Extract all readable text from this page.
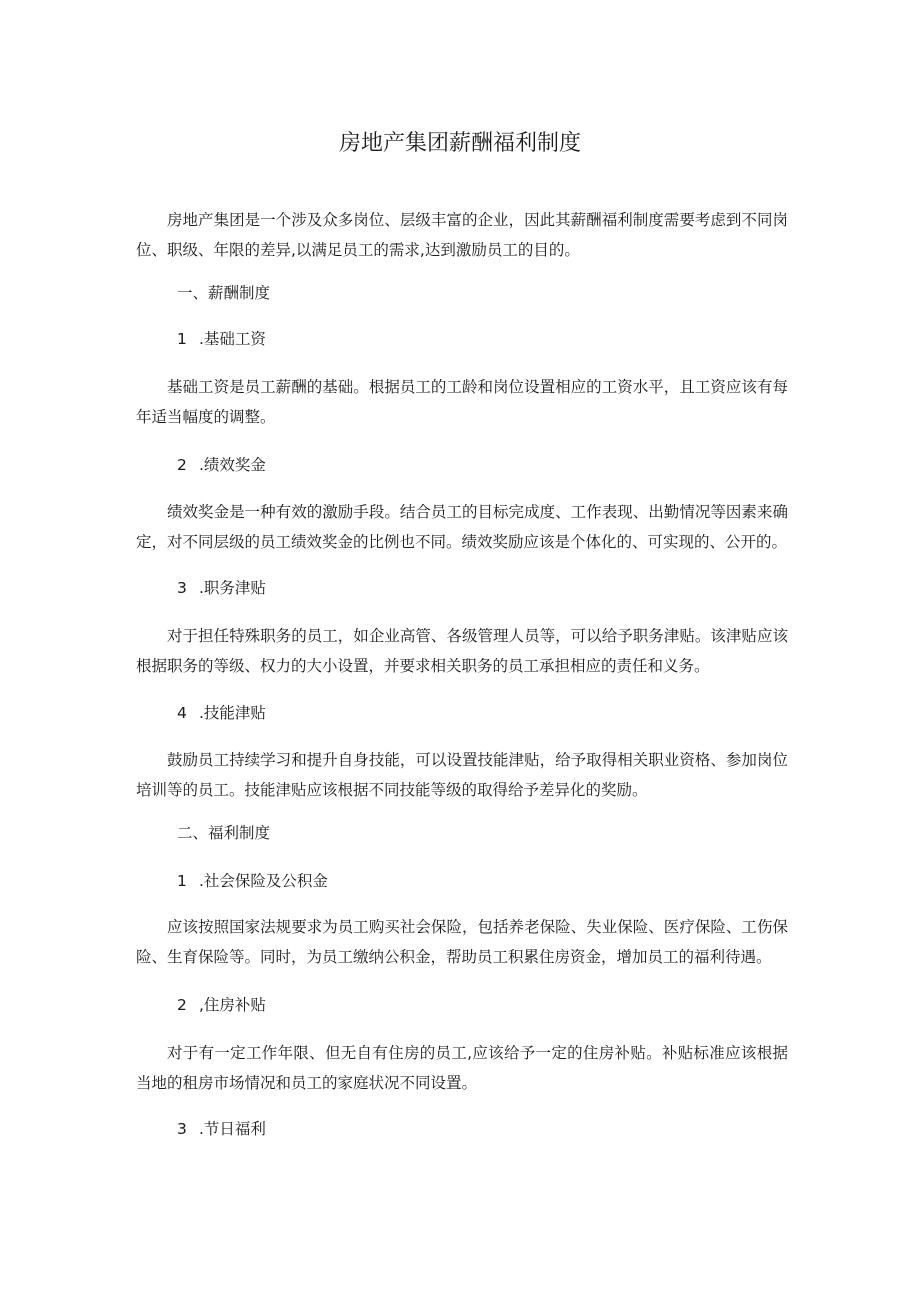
房地产集团薪酬福利制度

房地产集团是一个涉及众多岗位、层级丰富的企业，因此其薪酬福利制度需要考虑到不同岗位、职级、年限的差异,以满足员工的需求,达到激励员工的目的。

一、薪酬制度

1 .基础工资

基础工资是员工薪酬的基础。根据员工的工龄和岗位设置相应的工资水平，且工资应该有每年适当幅度的调整。

2 .绩效奖金

绩效奖金是一种有效的激励手段。结合员工的目标完成度、工作表现、出勤情况等因素来确定，对不同层级的员工绩效奖金的比例也不同。绩效奖励应该是个体化的、可实现的、公开的。

3 .职务津贴

对于担任特殊职务的员工，如企业高管、各级管理人员等，可以给予职务津贴。该津贴应该根据职务的等级、权力的大小设置，并要求相关职务的员工承担相应的责任和义务。

4 .技能津贴

鼓励员工持续学习和提升自身技能，可以设置技能津贴，给予取得相关职业资格、参加岗位培训等的员工。技能津贴应该根据不同技能等级的取得给予差异化的奖励。

二、福利制度

1 .社会保险及公积金

应该按照国家法规要求为员工购买社会保险，包括养老保险、失业保险、医疗保险、工伤保险、生育保险等。同时，为员工缴纳公积金，帮助员工积累住房资金，增加员工的福利待遇。

2 ,住房补贴

对于有一定工作年限、但无自有住房的员工,应该给予一定的住房补贴。补贴标准应该根据当地的租房市场情况和员工的家庭状况不同设置。

3 .节日福利
